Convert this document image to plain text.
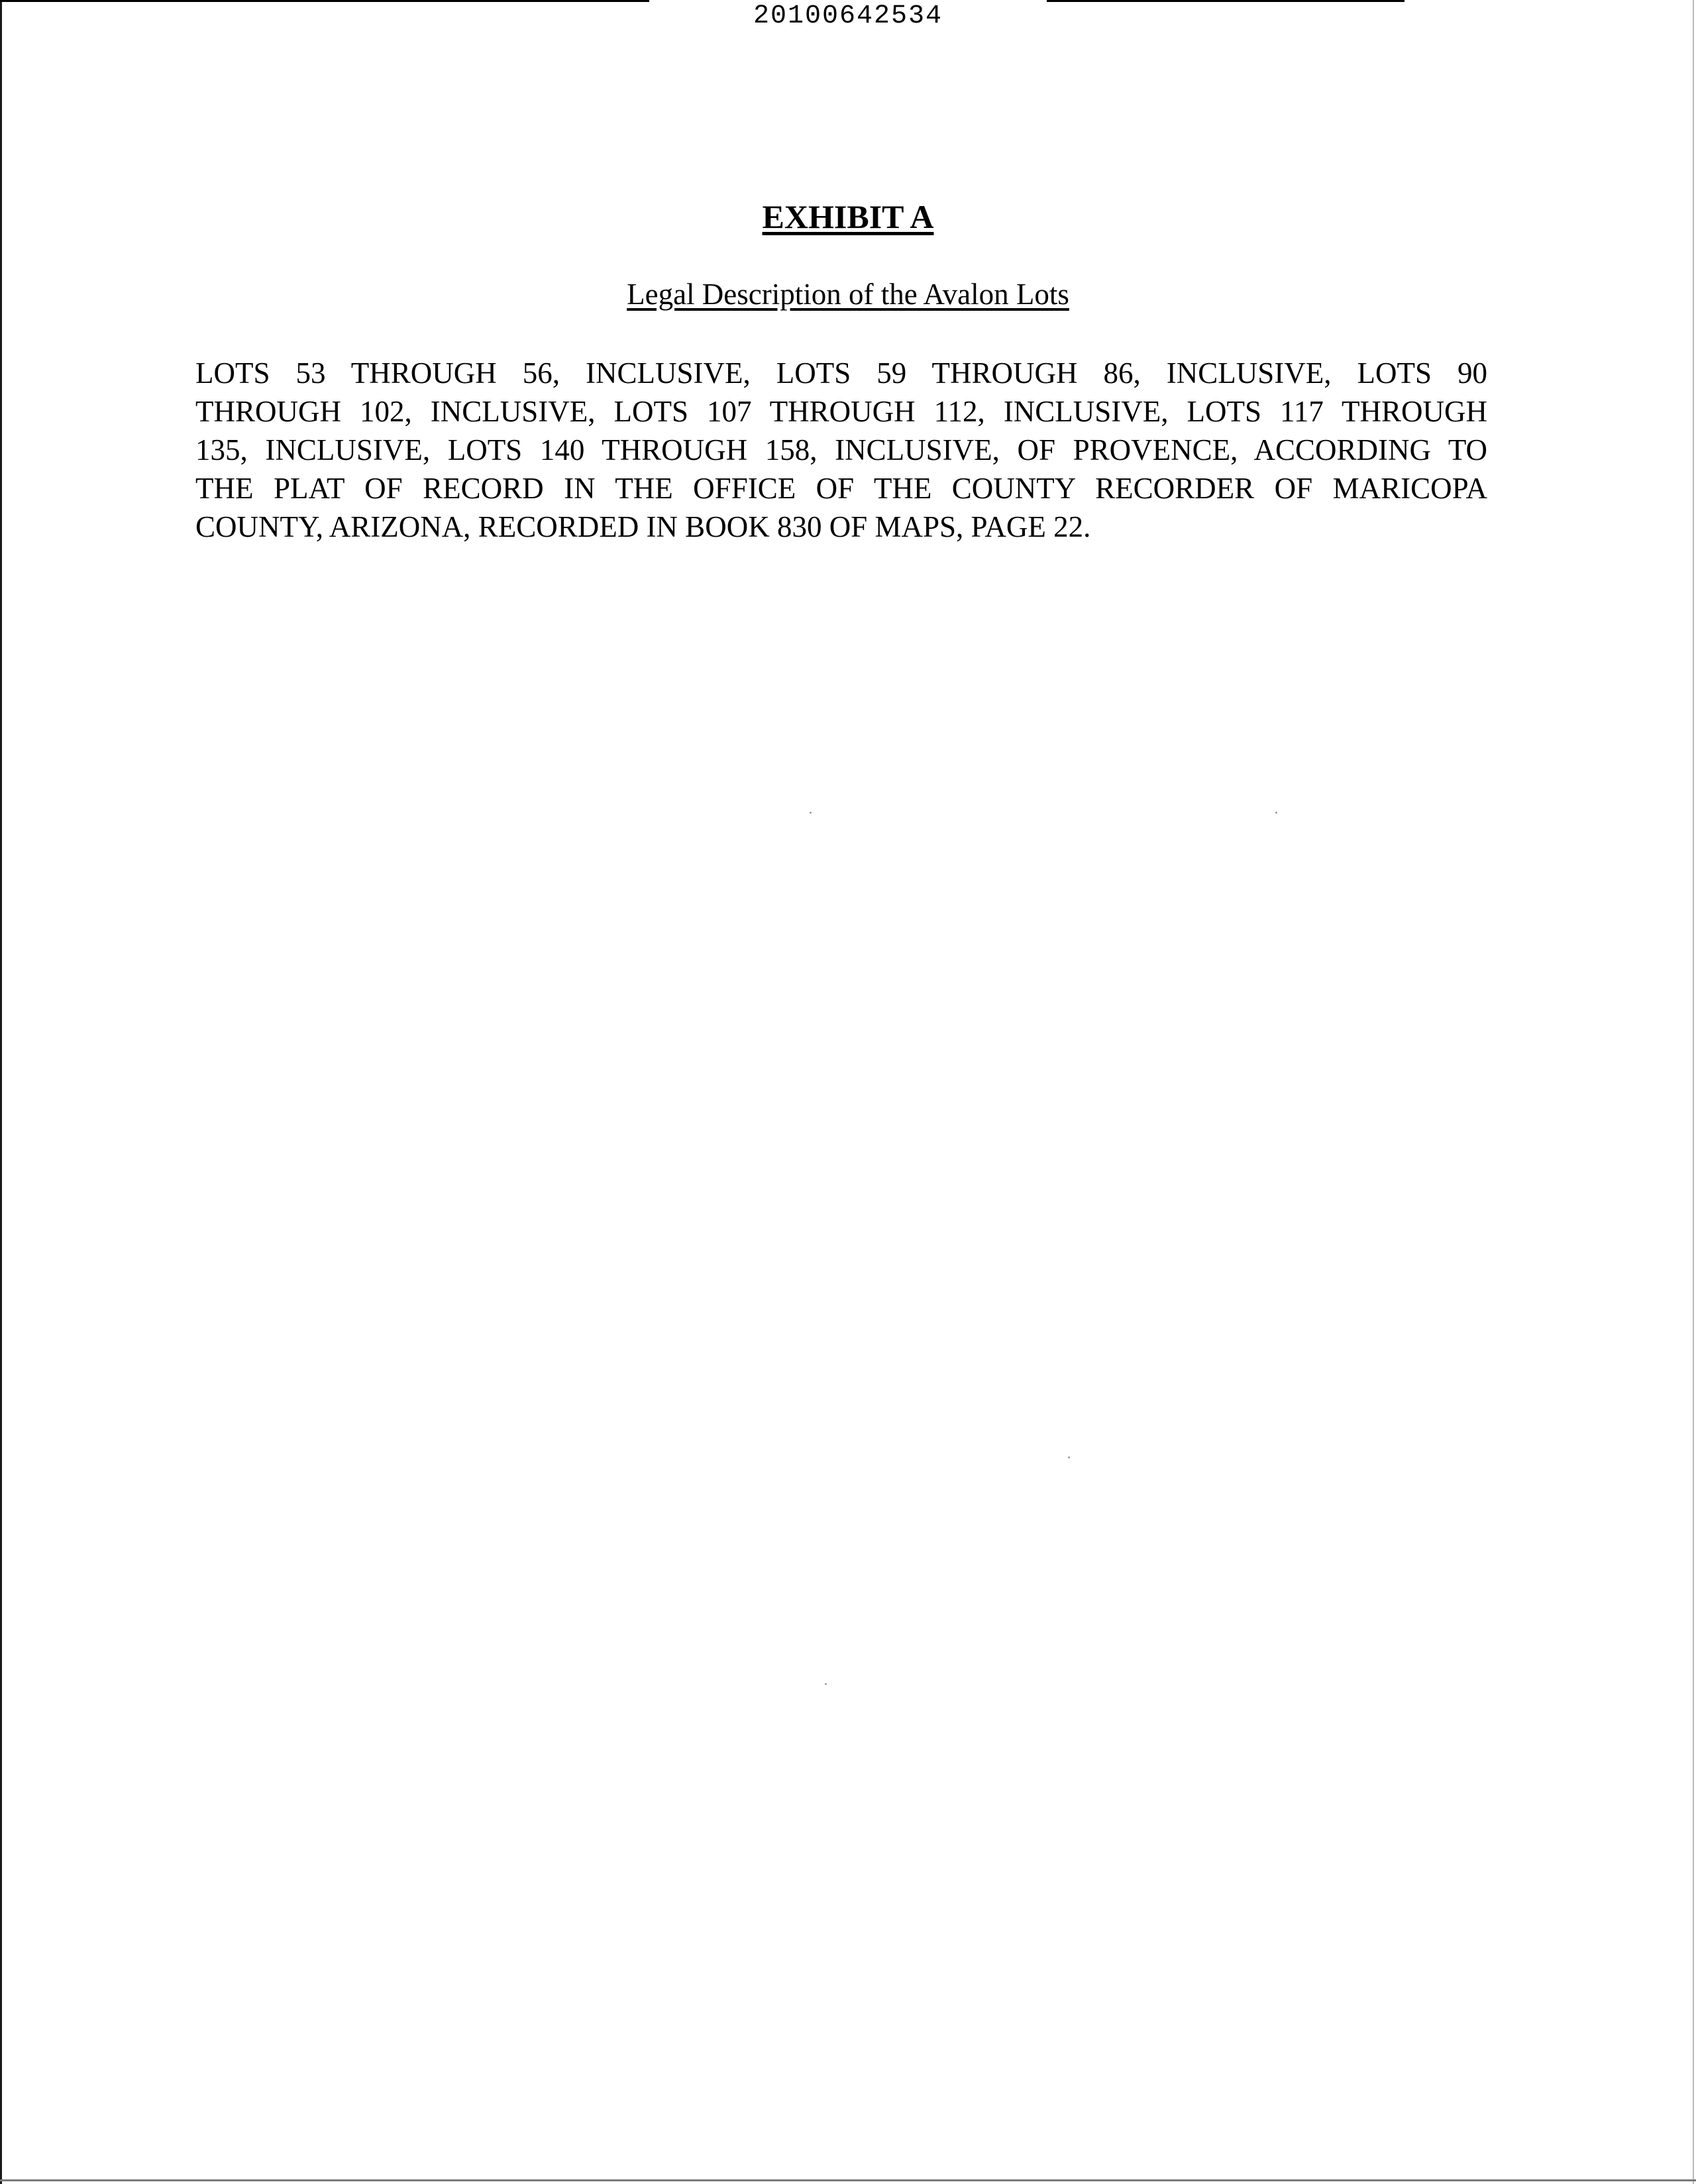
20100642534
EXHIBIT A
Legal Description of the Avalon Lots
LOTS 53 THROUGH 56, INCLUSIVE, LOTS 59 THROUGH 86, INCLUSIVE, LOTS 90
THROUGH 102, INCLUSIVE, LOTS 107 THROUGH 112, INCLUSIVE, LOTS 117 THROUGH
135, INCLUSIVE, LOTS 140 THROUGH 158, INCLUSIVE, OF PROVENCE, ACCORDING TO
THE PLAT OF RECORD IN THE OFFICE OF THE COUNTY RECORDER OF MARICOPA
COUNTY, ARIZONA, RECORDED IN BOOK 830 OF MAPS, PAGE 22.
